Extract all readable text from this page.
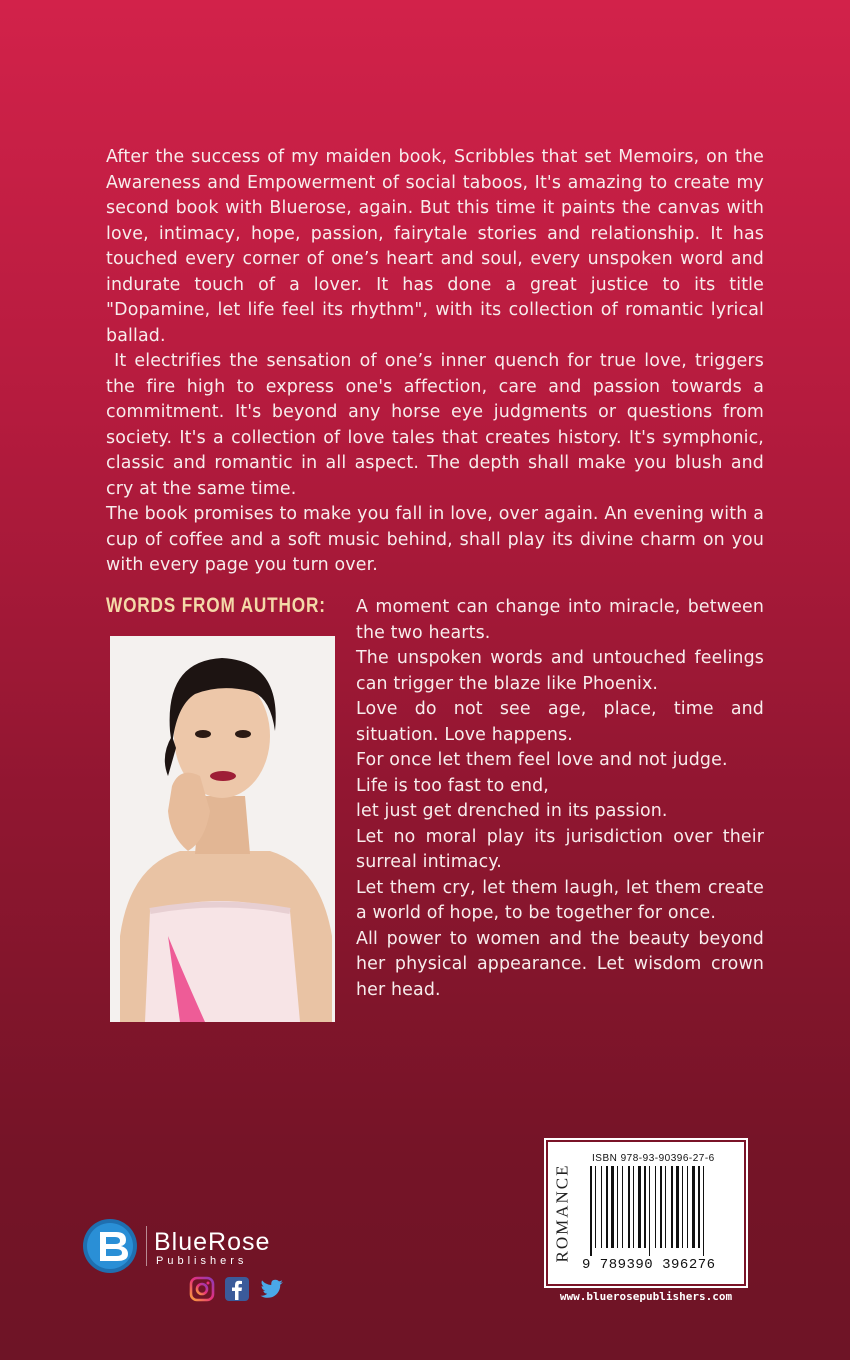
After the success of my maiden book, Scribbles that set Memoirs, on the Awareness and Empowerment of social taboos, It's amazing to create my second book with Bluerose, again. But this time it paints the canvas with love, intimacy, hope, passion, fairytale stories and relationship. It has touched every corner of one’s heart and soul, every unspoken word and indurate touch of a lover. It has done a great justice to its title "Dopamine, let life feel its rhythm", with its collection of romantic lyrical ballad.

It electrifies the sensation of one’s inner quench for true love, triggers the fire high to express one's affection, care and passion towards a commitment. It's beyond any horse eye judgments or questions from society. It's a collection of love tales that creates history. It's symphonic, classic and romantic in all aspect. The depth shall make you blush and cry at the same time.

The book promises to make you fall in love, over again. An evening with a cup of coffee and a soft music behind, shall play its divine charm on you with every page you turn over.

WORDS FROM AUTHOR: A moment can change into miracle, between the two hearts.

The unspoken words and untouched feelings can trigger the blaze like Phoenix.

Love do not see age, place, time and situation. Love happens.

For once let them feel love and not judge.

Life is too fast to end,

let just get drenched in its passion.

Let no moral play its jurisdiction over their surreal intimacy.

Let them cry, let them laugh, let them create a world of hope, to be together for once.

All power to women and the beauty beyond her physical appearance. Let wisdom crown her head.

BlueRose
Publishers	ROMANCE
ISBN 978-93-90396-27-6
9 789390 396276
www.bluerosepublishers.com
